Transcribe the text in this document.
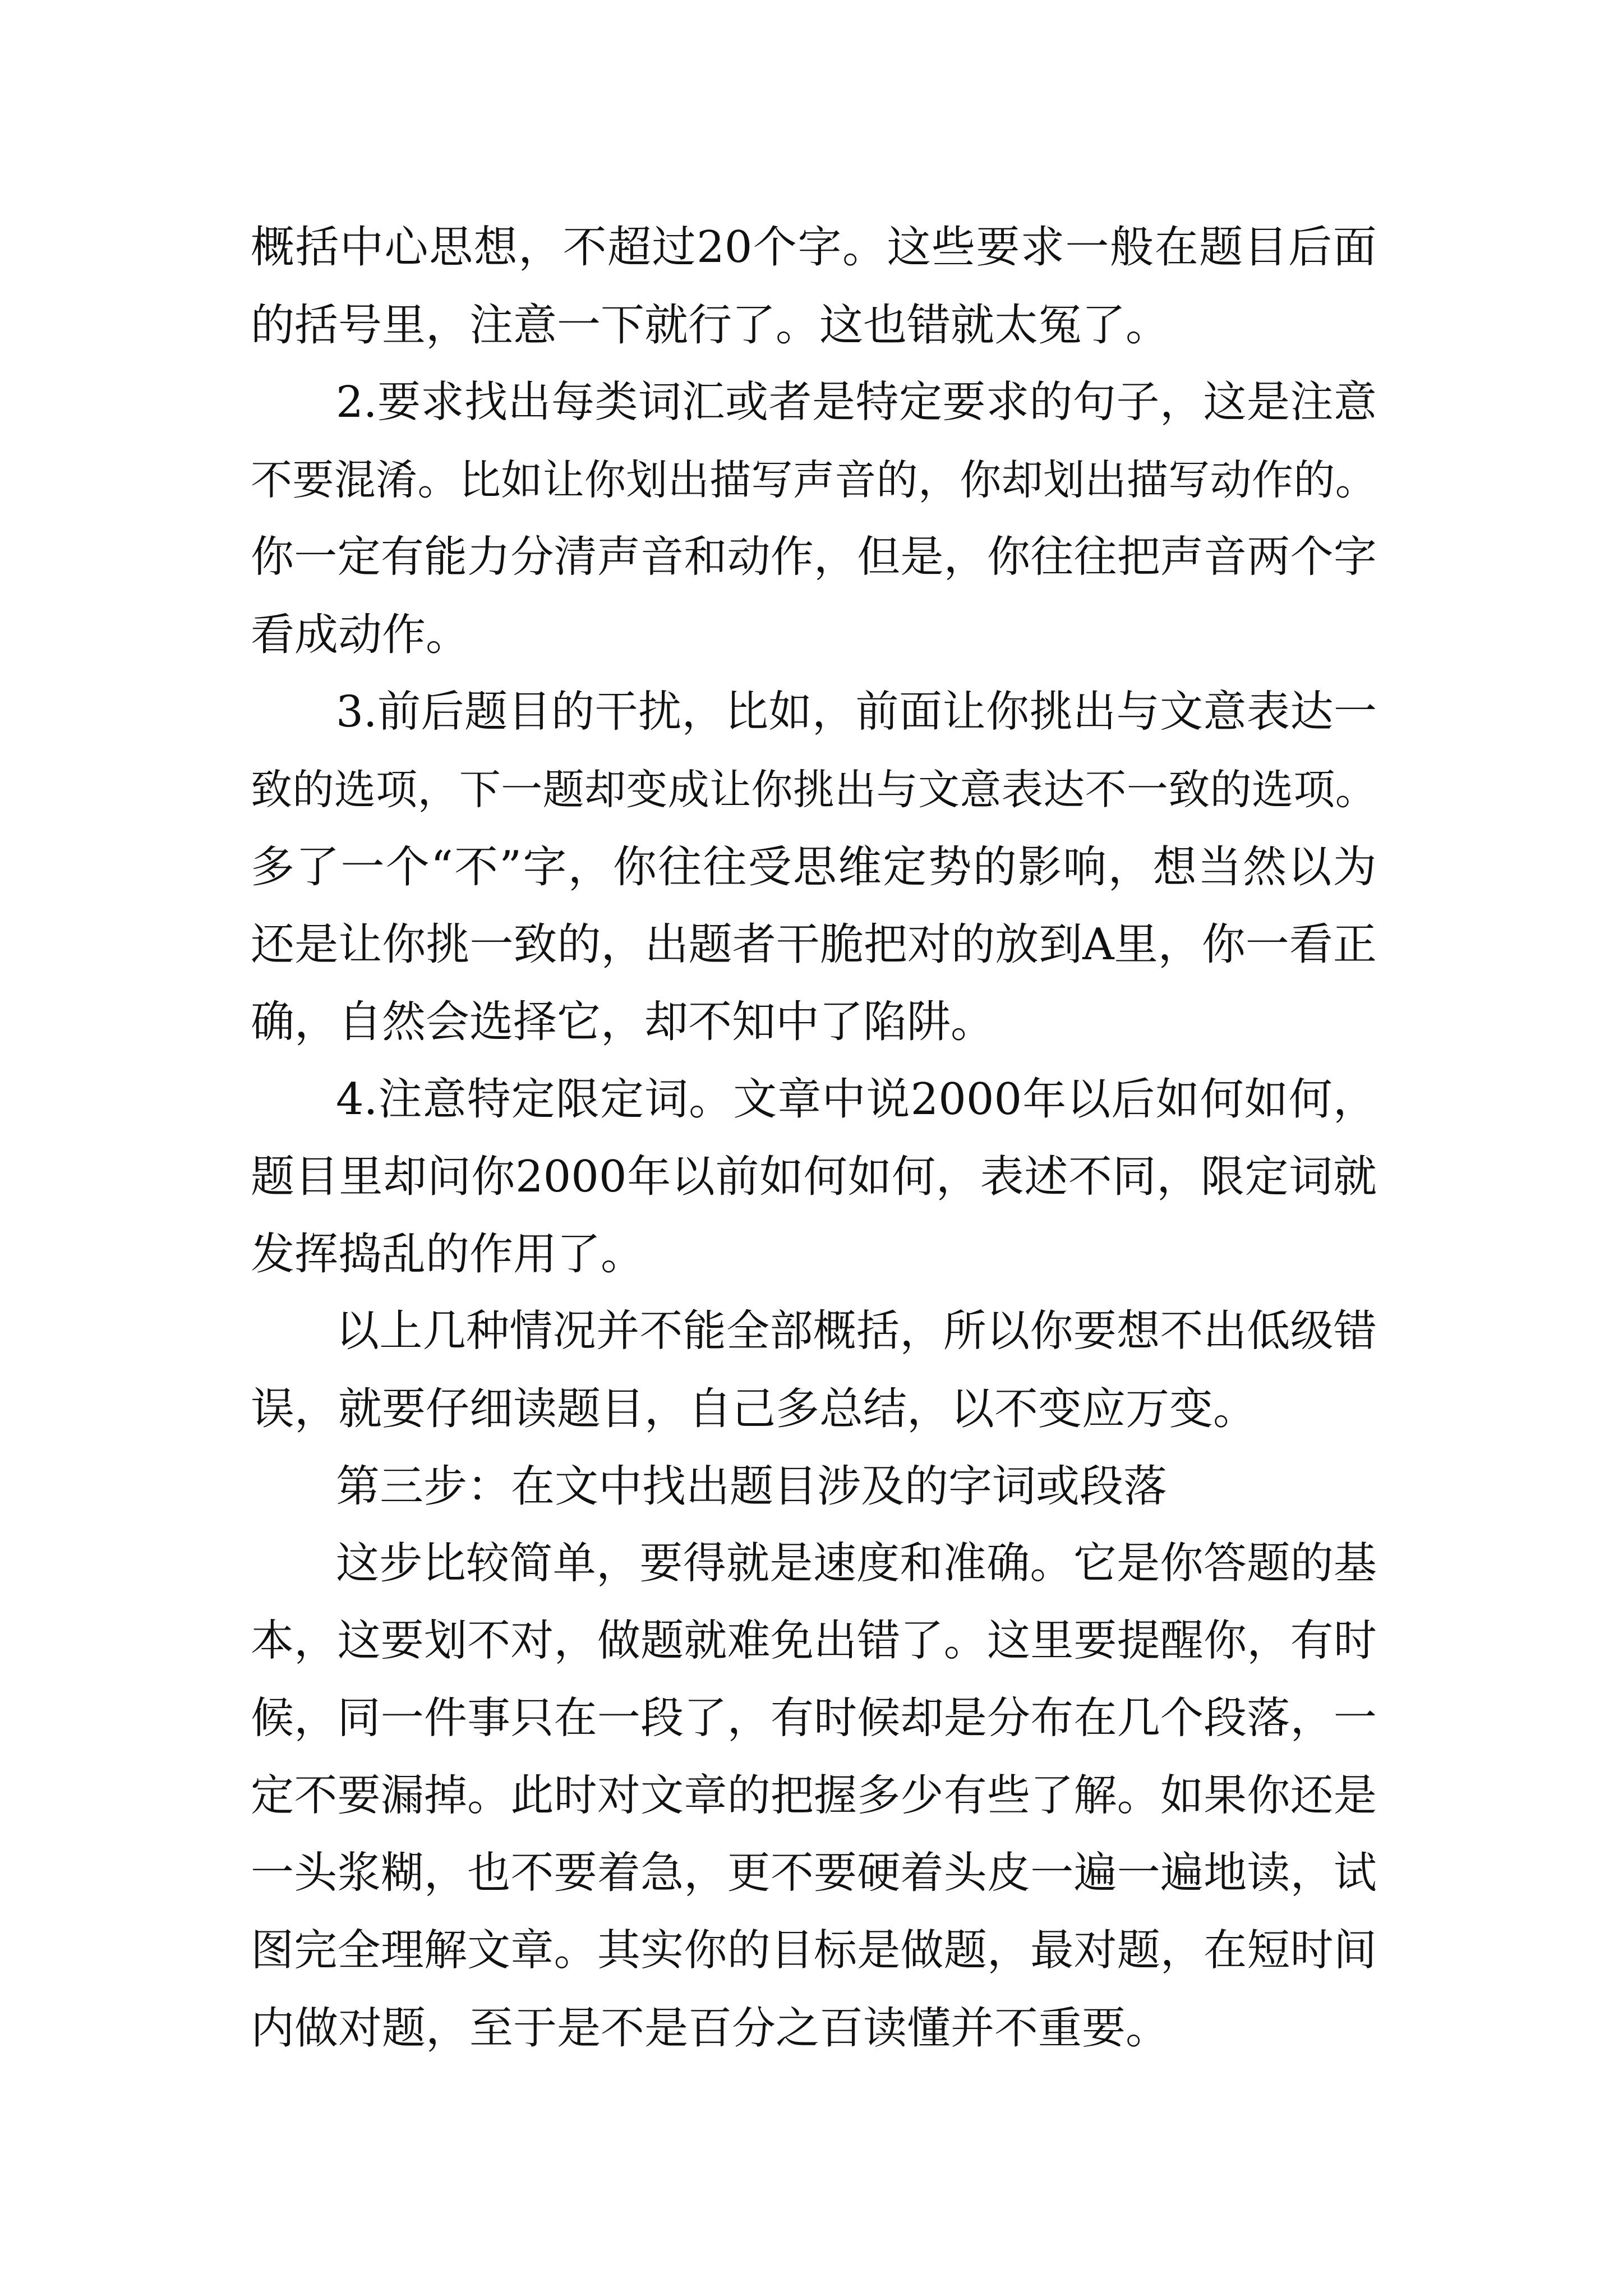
概 括 中 心 思 想 ， 不 超 过 20 个 字 。 这 些 要 求 一 般 在 题 目 后 面
的括号里，注意一下就行了。这也错就太冤了。
2. 要 求 找 出 每 类 词 汇 或 者 是 特 定 要 求 的 句 子 ， 这 是 注 意
不 要 混 淆 。 比 如 让 你 划 出 描 写 声 音 的 ， 你 却 划 出 描 写 动 作 的 。
你 一 定 有 能 力 分 清 声 音 和 动 作 ， 但 是 ， 你 往 往 把 声 音 两 个 字
看成动作。
3. 前 后 题 目 的 干 扰 ， 比 如 ， 前 面 让 你 挑 出 与 文 意 表 达 一
致 的 选 项 ， 下 一 题 却 变 成 让 你 挑 出 与 文 意 表 达 不 一 致 的 选 项 。
多 了 一 个 “ 不 ” 字 ， 你 往 往 受 思 维 定 势 的 影 响 ， 想 当 然 以 为
还 是 让 你 挑 一 致 的 ， 出 题 者 干 脆 把 对 的 放 到 A 里 ， 你 一 看 正
确，自然会选择它，却不知中了陷阱。
4. 注 意 特 定 限 定 词 。 文 章 中 说 2000 年 以 后 如 何 如 何 ，
题 目 里 却 问 你 2000 年 以 前 如 何 如 何 ， 表 述 不 同 ， 限 定 词 就
发挥捣乱的作用了。
以 上 几 种 情 况 并 不 能 全 部 概 括 ， 所 以 你 要 想 不 出 低 级 错
误，就要仔细读题目，自己多总结，以不变应万变。
第三步：在文中找出题目涉及的字词或段落
这 步 比 较 简 单 ， 要 得 就 是 速 度 和 准 确 。 它 是 你 答 题 的 基
本 ， 这 要 划 不 对 ， 做 题 就 难 免 出 错 了 。 这 里 要 提 醒 你 ， 有 时
候 ， 同 一 件 事 只 在 一 段 了 ， 有 时 候 却 是 分 布 在 几 个 段 落 ， 一
定 不 要 漏 掉 。 此 时 对 文 章 的 把 握 多 少 有 些 了 解 。 如 果 你 还 是
一 头 浆 糊 ， 也 不 要 着 急 ， 更 不 要 硬 着 头 皮 一 遍 一 遍 地 读 ， 试
图 完 全 理 解 文 章 。 其 实 你 的 目 标 是 做 题 ， 最 对 题 ， 在 短 时 间
内做对题，至于是不是百分之百读懂并不重要。
